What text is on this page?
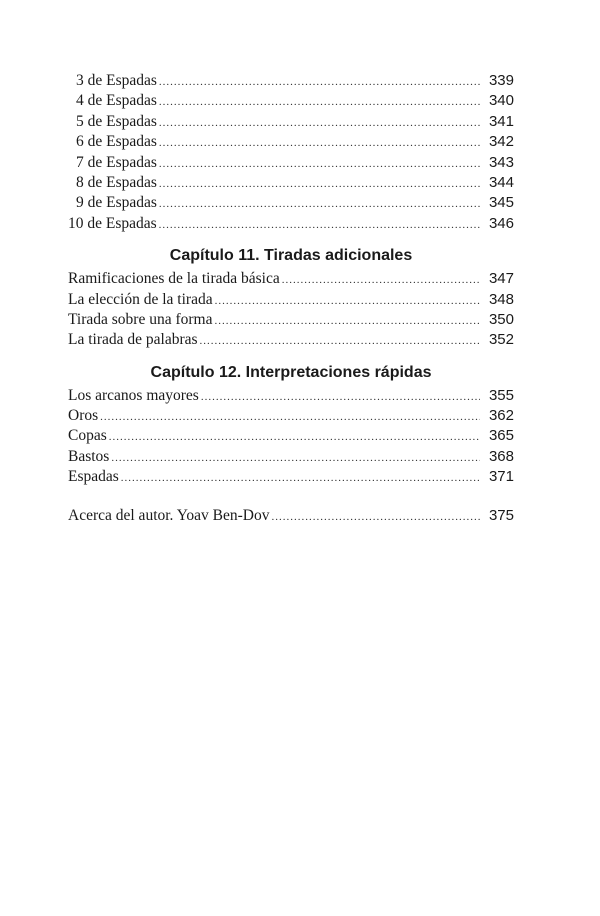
3 de Espadas .....	339
4 de Espadas .....	340
5 de Espadas .....	341
6 de Espadas .....	342
7 de Espadas .....	343
8 de Espadas .....	344
9 de Espadas .....	345
10 de Espadas .....	346
Capítulo 11. Tiradas adicionales
Ramificaciones de la tirada básica .....	347
La elección de la tirada .....	348
Tirada sobre una forma .....	350
La tirada de palabras .....	352
Capítulo 12. Interpretaciones rápidas
Los arcanos mayores .....	355
Oros .....	362
Copas .....	365
Bastos .....	368
Espadas .....	371
Acerca del autor. Yoav Ben-Dov .....	375
